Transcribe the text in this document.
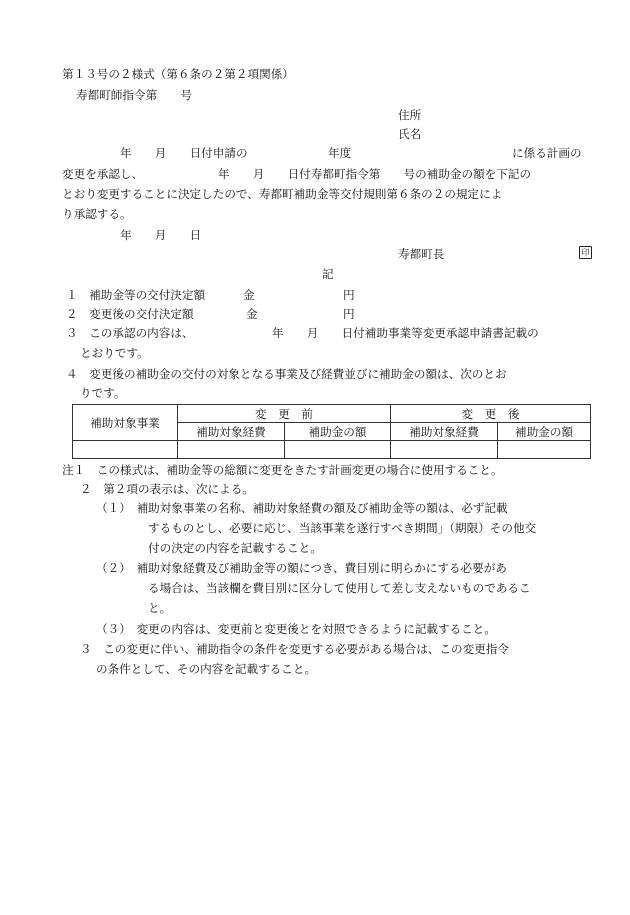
第１３号の２様式（第６条の２第２項関係）
寿都町師指令第　　号
住所
氏名
年　　月　　日付申請の	年度	に係る計画の
変更を承認し、	年　　月　　日付寿都町指令第　　号の補助金の額を下記の
とおり変更することに決定したので、寿都町補助金等交付規則第６条の２の規定によ
り承認する。
年　　月　　日
寿都町長	印
記
１　補助金等の交付決定額	金	円
２　変更後の交付決定額	金	円
３　この承認の内容は、	年　　月　　日付補助事業等変更承認申請書記載の
とおりです。
４　変更後の補助金の交付の対象となる事業及び経費並びに補助金の額は、次のとお
りです。
補助対象事業	変　更　前		変　更　後	
	補助対象経費	補助金の額	補助対象経費	補助金の額

注１　この様式は、補助金等の総額に変更をきたす計画変更の場合に使用すること。
２　第２項の表示は、次による。
（１）　補助対象事業の名称、補助対象経費の額及び補助金等の額は、必ず記載
するものとし、必要に応じ、当該事業を遂行すべき期間」（期限）その他交
付の決定の内容を記載すること。
（２）　補助対象経費及び補助金等の額につき、費目別に明らかにする必要があ
る場合は、当該欄を費目別に区分して使用して差し支えないものであるこ
と。
（３）　変更の内容は、変更前と変更後とを対照できるように記載すること。
３　この変更に伴い、補助指令の条件を変更する必要がある場合は、この変更指令
の条件として、その内容を記載すること。
